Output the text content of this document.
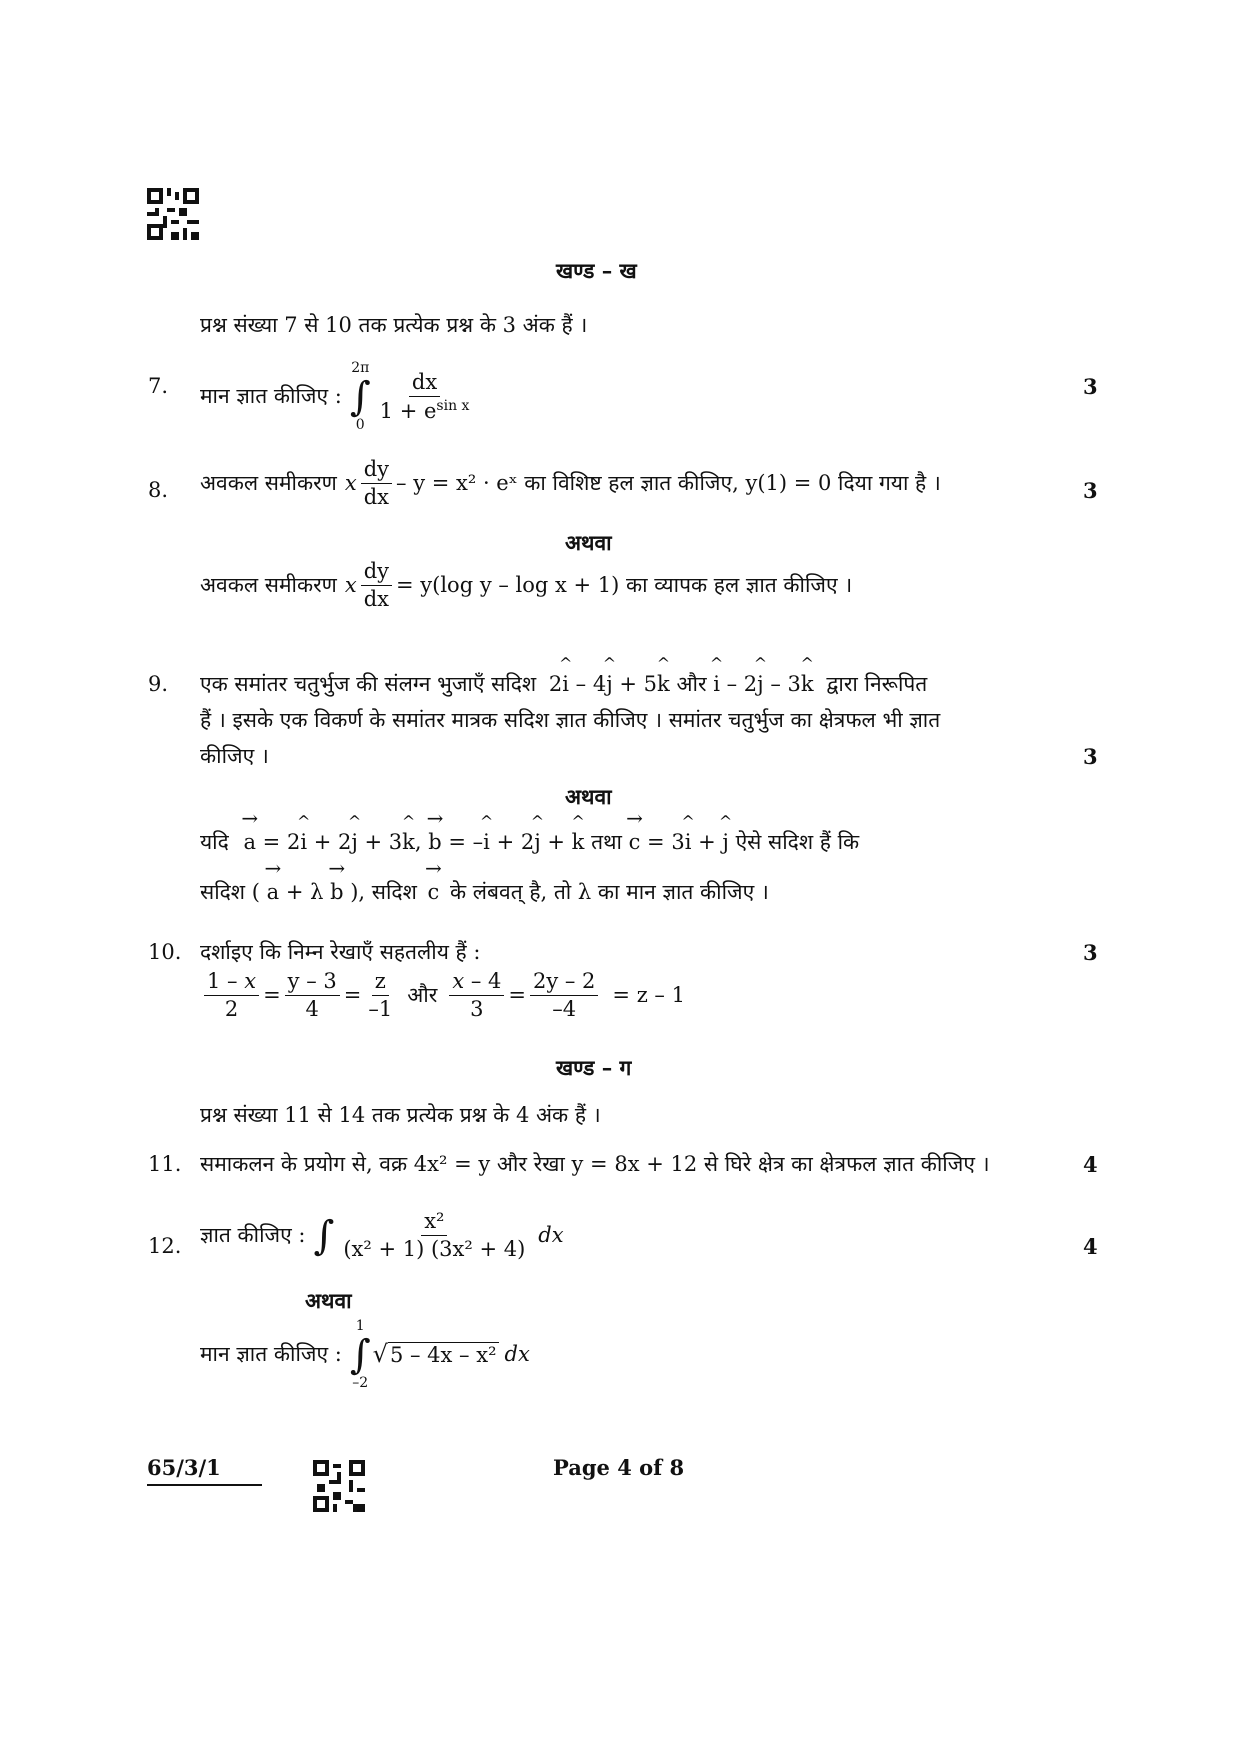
खण्ड – ख
प्रश्न संख्या 7 से 10 तक प्रत्येक प्रश्न के 3 अंक हैं ।
7. मान ज्ञात कीजिए :
2π
∫
0
$\frac{dx}{1 + e^{sin x}}$	3
8. अवकल समीकरण x $\frac{dy}{dx} - y = x^2$ · eˣ का विशिष्ट हल ज्ञात कीजिए, y(1) = 0 दिया गया है ।	3
अथवा
अवकल समीकरण x $\frac{dy}{dx} = y(\log$ y – log x + 1) का व्यापक हल ज्ञात कीजिए ।
9. एक समांतर चतुर्भुज की संलग्न भुजाएँ सदिश 2^ i – 4^ j + 5^ k और ^ i – 2^ j – 3^ k द्वारा निरूपित
हैं । इसके एक विकर्ण के समांतर मात्रक सदिश ज्ञात कीजिए । समांतर चतुर्भुज का क्षेत्रफल भी ज्ञात
कीजिए ।	3
अथवा
यदि → a = 2^ i + 2^ j + 3^ k, → b = –^ i + 2^ j + ^ k तथा → c = 3^ i + ^ j ऐसे सदिश हैं कि
सदिश ( → a + λ → b ), सदिश → c के लंबवत् है, तो λ का मान ज्ञात कीजिए ।
10. दर्शाइए कि निम्न रेखाएँ सहतलीय हैं :	3
$\frac{1 - x}{2} = \frac{y - 3}{4} = \frac{z}{-1}$ और $\frac{x - 4}{3} = \frac{2y - 2}{-4} = z - 1$
खण्ड – ग
प्रश्न संख्या 11 से 14 तक प्रत्येक प्रश्न के 4 अंक हैं ।
11. समाकलन के प्रयोग से, वक्र 4x² = y और रेखा y = 8x + 12 से घिरे क्षेत्र का क्षेत्रफल ज्ञात कीजिए ।	4
12. ज्ञात कीजिए : ∫ $\frac{\text{x²}}{\text{(x² + 1) (3x² + 4)}}$ dx	4
अथवा
मान ज्ञात कीजिए :
1
∫
–2
√ 5 – 4x – x² dx
65/3/1	Page 4 of 8
